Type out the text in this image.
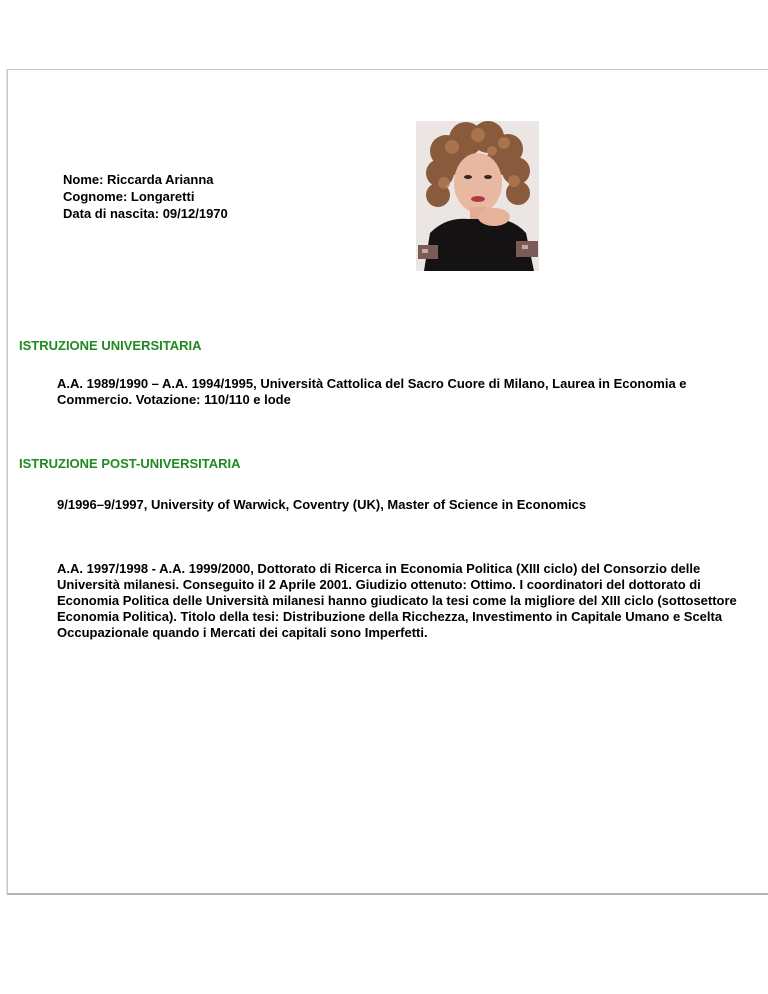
Nome: Riccarda Arianna
Cognome: Longaretti
Data di nascita: 09/12/1970
ISTRUZIONE UNIVERSITARIA
A.A. 1989/1990 – A.A. 1994/1995, Università Cattolica del Sacro Cuore di Milano, Laurea in Economia e Commercio. Votazione: 110/110 e lode
ISTRUZIONE POST-UNIVERSITARIA
9/1996–9/1997, University of Warwick, Coventry (UK), Master of Science in Economics
A.A. 1997/1998 - A.A. 1999/2000, Dottorato di Ricerca in Economia Politica (XIII ciclo) del Consorzio delle Università milanesi. Conseguito il 2 Aprile 2001. Giudizio ottenuto: Ottimo. I coordinatori del dottorato di Economia Politica delle Università milanesi hanno giudicato la tesi come la migliore del XIII ciclo (sottosettore Economia Politica). Titolo della tesi: Distribuzione della Ricchezza, Investimento in Capitale Umano e Scelta Occupazionale quando i Mercati dei capitali sono Imperfetti.
